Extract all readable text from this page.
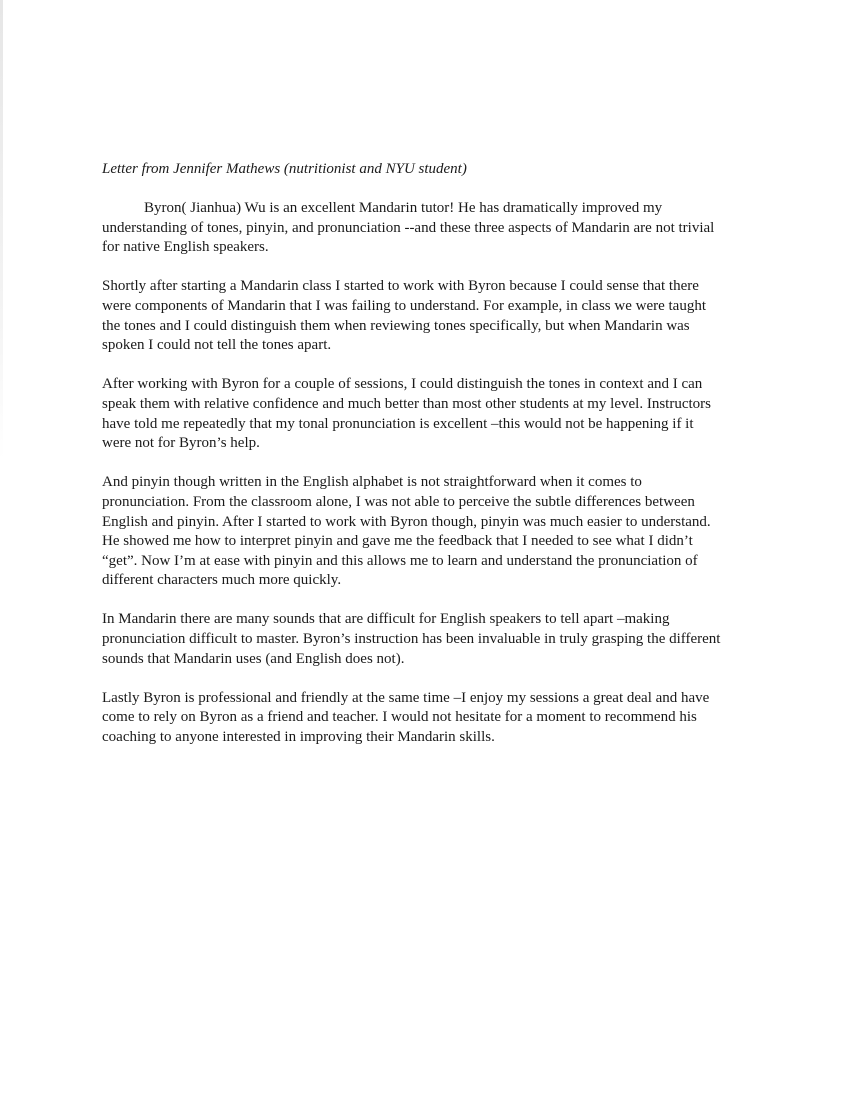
Letter from Jennifer Mathews (nutritionist and NYU student)
Byron( Jianhua) Wu is an excellent Mandarin tutor! He has dramatically improved my
understanding of tones, pinyin, and pronunciation --and these three aspects of Mandarin are not trivial
for native English speakers.
Shortly after starting a Mandarin class I started to work with Byron because I could sense that there
were components of Mandarin that I was failing to understand. For example, in class we were taught
the tones and I could distinguish them when reviewing tones specifically, but when Mandarin was
spoken I could not tell the tones apart.
After working with Byron for a couple of sessions, I could distinguish the tones in context and I can
speak them with relative confidence and much better than most other students at my level. Instructors
have told me repeatedly that my tonal pronunciation is excellent –this would not be happening if it
were not for Byron’s help.
And pinyin though written in the English alphabet is not straightforward when it comes to
pronunciation. From the classroom alone, I was not able to perceive the subtle differences between
English and pinyin. After I started to work with Byron though, pinyin was much easier to understand.
He showed me how to interpret pinyin and gave me the feedback that I needed to see what I didn’t
“get”. Now I’m at ease with pinyin and this allows me to learn and understand the pronunciation of
different characters much more quickly.
In Mandarin there are many sounds that are difficult for English speakers to tell apart –making
pronunciation difficult to master. Byron’s instruction has been invaluable in truly grasping the different
sounds that Mandarin uses (and English does not).
Lastly Byron is professional and friendly at the same time –I enjoy my sessions a great deal and have
come to rely on Byron as a friend and teacher. I would not hesitate for a moment to recommend his
coaching to anyone interested in improving their Mandarin skills.
